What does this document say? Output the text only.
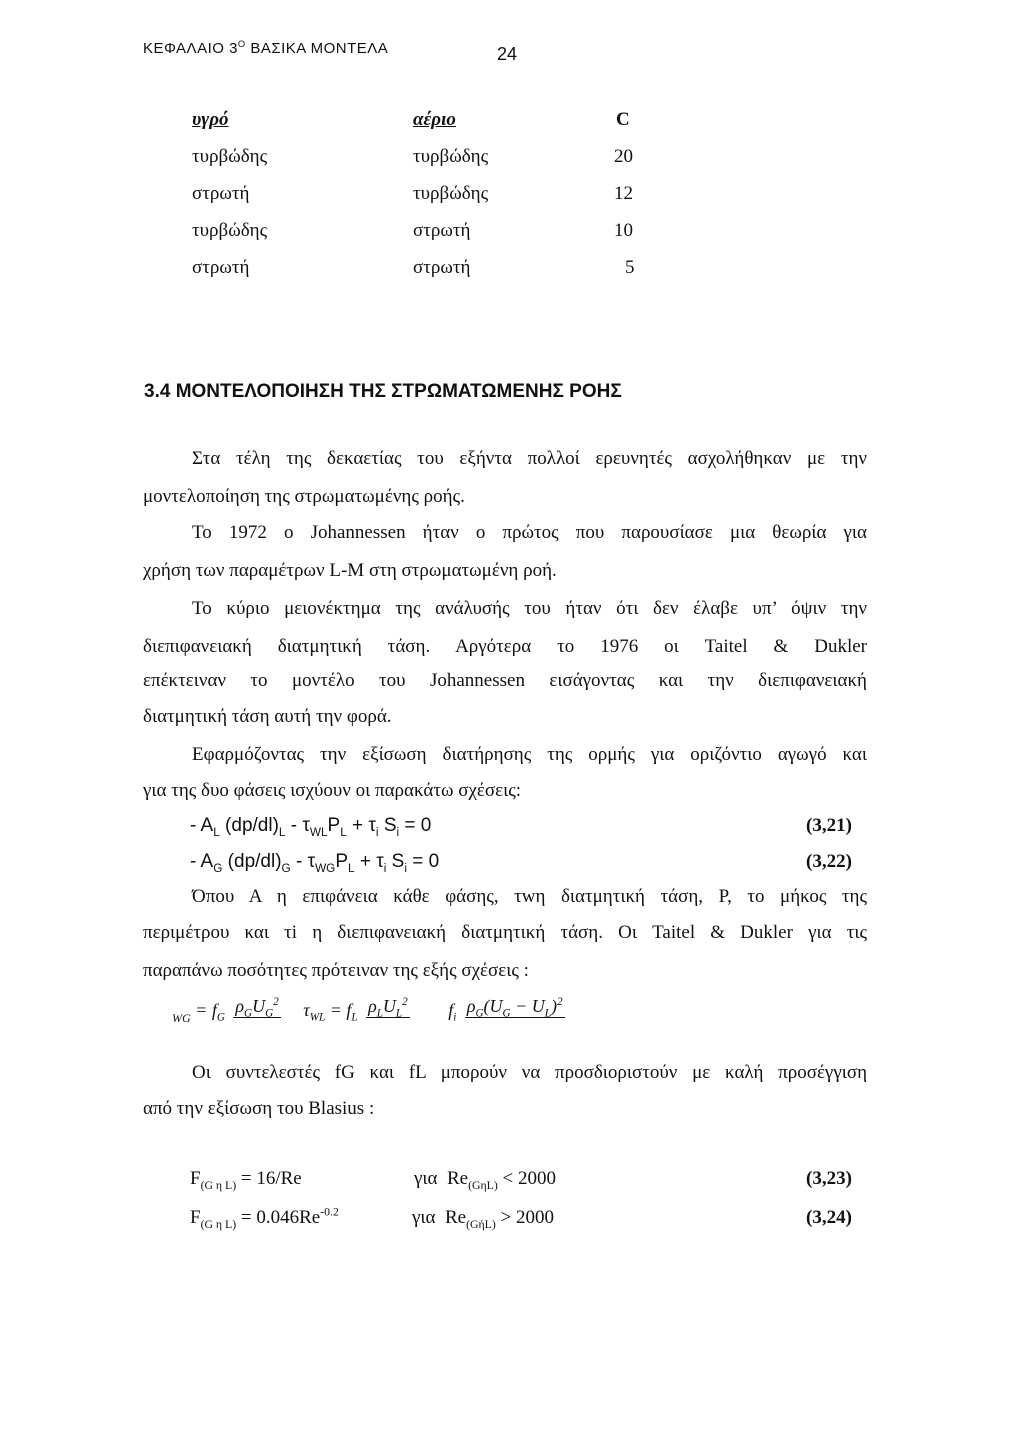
ΚΕΦΑΛΑΙΟ $3^O$ ΒΑΣΙΚΑ ΜΟΝΤΕΛΑ	24
υγρό	αέριο	C
τυρβώδης	τυρβώδης	20
στρωτή	τυρβώδης	12
τυρβώδης	στρωτή	10
στρωτή	στρωτή	5
3.4 ΜΟΝΤΕΛΟΠΟΙΗΣΗ ΤΗΣ ΣΤΡΩΜΑΤΩΜΕΝΗΣ ΡΟΗΣ
Στα τέλη της δεκαετίας του εξήντα πολλοί ερευνητές ασχολήθηκαν με την
μοντελοποίηση της στρωματωμένης ροής.
Το 1972 ο Johannessen ήταν ο πρώτος που παρουσίασε μια θεωρία για
χρήση των παραμέτρων L-M στη στρωματωμένη ροή.
Το κύριο μειονέκτημα της ανάλυσής του ήταν ότι δεν έλαβε υπ’ όψιν την
διεπιφανειακή διατμητική τάση. Αργότερα το 1976 οι Taitel & Dukler
επέκτειναν το μοντέλο του Johannessen εισάγοντας και την διεπιφανειακή
διατμητική τάση αυτή την φορά.
Εφαρμόζοντας την εξίσωση διατήρησης της ορμής για οριζόντιο αγωγό και
για της δυο φάσεις ισχύουν οι παρακάτω σχέσεις:
- $A_L$ $(dp/dl)_L - \tau_{WL}P_L + \tau_i$ $S_i = 0$	(3,21)
- $A_G$ $(dp/dl)_G - \tau_{WG}P_L + \tau_i$ $S_i = 0$	(3,22)
Όπου Α η επιφάνεια κάθε φάσης, τwη διατμητική τάση, Ρ, το μήκος της
περιμέτρου και τi η διεπιφανειακή διατμητική τάση. Οι Taitel & Dukler για τις
παραπάνω ποσότητες πρότειναν της εξής σχέσεις :
$_{WG} = f_G$
$\rho_GU_G^2$ $\tau_{WL} = f_L$
$\rho_LU_L^2$ $f_i$
$\rho_G(U_G - U_L)^2$
Οι συντελεστές fG και fL μπορούν να προσδιοριστούν με καλή προσέγγιση
από την εξίσωση του Blasius :
$F_{(G \eta L)} = 16/Re$	για $Re_{(G\eta L)} < 2000$	(3,23)
$F_{(G \eta L)} = 0.046Re^{-0.2}$	για $Re_{(GήL)} > 2000$	(3,24)
